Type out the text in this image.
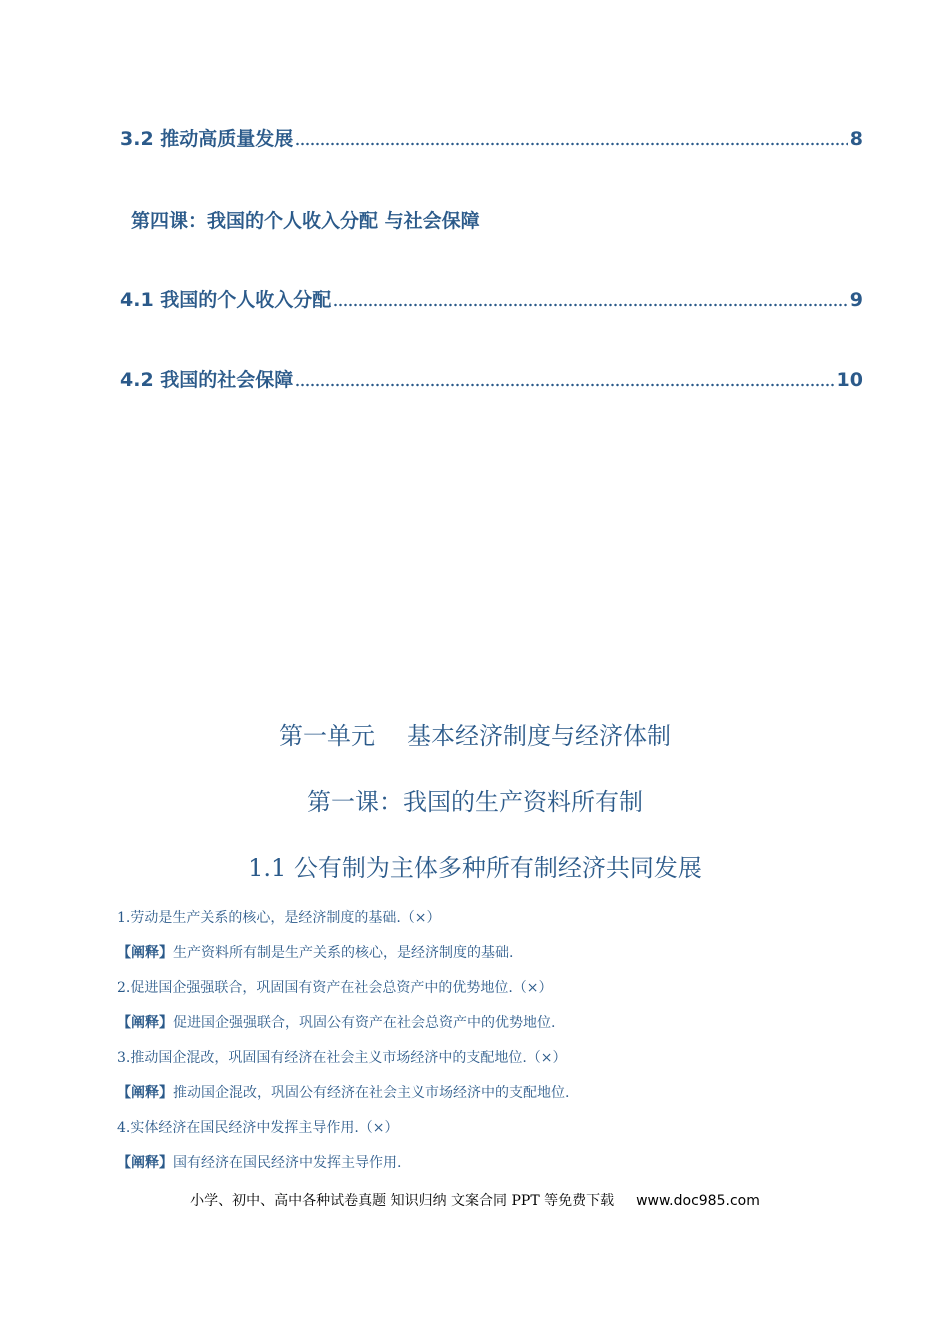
3.2 推动高质量发展	8
第四课：我国的个人收入分配 与社会保障
4.1 我国的个人收入分配	9
4.2 我国的社会保障	10
第一单元 基本经济制度与经济体制
第一课：我国的生产资料所有制
1.1 公有制为主体多种所有制经济共同发展
1.劳动是生产关系的核心，是经济制度的基础.（×）
【阐释】生产资料所有制是生产关系的核心，是经济制度的基础.
2.促进国企强强联合，巩固国有资产在社会总资产中的优势地位.（×）
【阐释】促进国企强强联合，巩固公有资产在社会总资产中的优势地位.
3.推动国企混改，巩固国有经济在社会主义市场经济中的支配地位.（×）
【阐释】推动国企混改，巩固公有经济在社会主义市场经济中的支配地位.
4.实体经济在国民经济中发挥主导作用.（×）
【阐释】国有经济在国民经济中发挥主导作用.
小学、初中、高中各种试卷真题 知识归纳 文案合同 PPT 等免费下载 www.doc985.com
